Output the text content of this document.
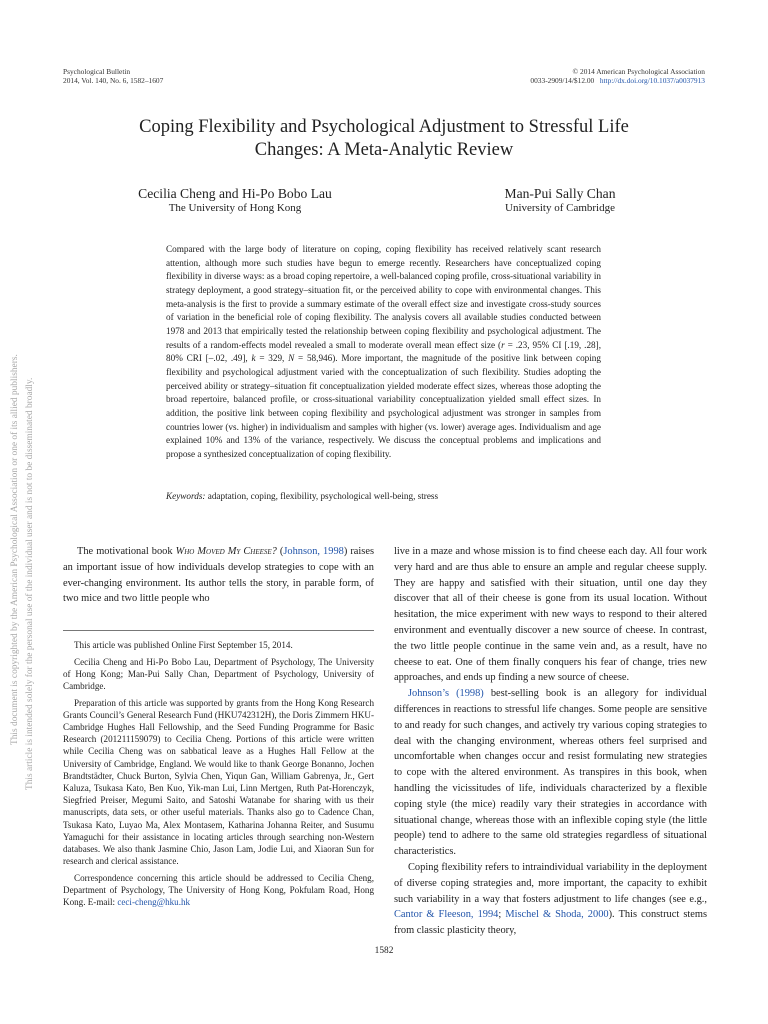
Psychological Bulletin
2014, Vol. 140, No. 6, 1582–1607
© 2014 American Psychological Association
0033-2909/14/$12.00 http://dx.doi.org/10.1037/a0037913
Coping Flexibility and Psychological Adjustment to Stressful Life
Changes: A Meta-Analytic Review
Cecilia Cheng and Hi-Po Bobo Lau
The University of Hong Kong
Man-Pui Sally Chan
University of Cambridge
Compared with the large body of literature on coping, coping flexibility has received relatively scant research attention, although more such studies have begun to emerge recently. Researchers have conceptualized coping flexibility in diverse ways: as a broad coping repertoire, a well-balanced coping profile, cross-situational variability in strategy deployment, a good strategy–situation fit, or the perceived ability to cope with environmental changes. This meta-analysis is the first to provide a summary estimate of the overall effect size and investigate cross-study sources of variation in the beneficial role of coping flexibility. The analysis covers all available studies conducted between 1978 and 2013 that empirically tested the relationship between coping flexibility and psychological adjustment. The results of a random-effects model revealed a small to moderate overall mean effect size (r = .23, 95% CI [.19, .28], 80% CRI [–.02, .49], k = 329, N = 58,946). More important, the magnitude of the positive link between coping flexibility and psychological adjustment varied with the conceptualization of such flexibility. Studies adopting the perceived ability or strategy–situation fit conceptualization yielded moderate effect sizes, whereas those adopting the broad repertoire, balanced profile, or cross-situational variability conceptualization yielded small effect sizes. In addition, the positive link between coping flexibility and psychological adjustment was stronger in samples from countries lower (vs. higher) in individualism and samples with higher (vs. lower) average ages. Individualism and age explained 10% and 13% of the variance, respectively. We discuss the conceptual problems and implications and propose a synthesized conceptualization of coping flexibility.
Keywords: adaptation, coping, flexibility, psychological well-being, stress

The motivational book Who Moved My Cheese? (Johnson, 1998) raises an important issue of how individuals develop strategies to cope with an ever-changing environment. Its author tells the story, in parable form, of two mice and two little people who

This article was published Online First September 15, 2014.

Cecilia Cheng and Hi-Po Bobo Lau, Department of Psychology, The University of Hong Kong; Man-Pui Sally Chan, Department of Psychology, University of Cambridge.

Preparation of this article was supported by grants from the Hong Kong Research Grants Council’s General Research Fund (HKU742312H), the Doris Zimmern HKU-Cambridge Hughes Hall Fellowship, and the Seed Funding Programme for Basic Research (201211159079) to Cecilia Cheng. Portions of this article were written while Cecilia Cheng was on sabbatical leave as a Hughes Hall Fellow at the University of Cambridge, England. We would like to thank George Bonanno, Jochen Brandtstädter, Chuck Burton, Sylvia Chen, Yiqun Gan, William Gabrenya, Jr., Gert Kaluza, Tsukasa Kato, Ben Kuo, Yik-man Lui, Linn Mertgen, Ruth Pat-Horenczyk, Siegfried Preiser, Megumi Saito, and Satoshi Watanabe for sharing with us their manuscripts, data sets, or other useful materials. Thanks also go to Cadence Chan, Tsukasa Kato, Luyao Ma, Alex Montasem, Katharina Johanna Reiter, and Susumu Yamaguchi for their assistance in locating articles through searching non-Western databases. We also thank Jasmine Chio, Jason Lam, Jodie Lui, and Xiaoran Sun for research and clerical assistance.

Correspondence concerning this article should be addressed to Cecilia Cheng, Department of Psychology, The University of Hong Kong, Pokfulam Road, Hong Kong. E-mail: ceci-cheng@hku.hk

live in a maze and whose mission is to find cheese each day. All four work very hard and are thus able to ensure an ample and regular cheese supply. They are happy and satisfied with their situation, until one day they discover that all of their cheese is gone from its usual location. Without hesitation, the mice experiment with new ways to respond to their altered environment and eventually discover a new source of cheese. In contrast, the two little people continue in the same vein and, as a result, have no cheese to eat. One of them finally conquers his fear of change, tries new approaches, and ends up finding a new source of cheese.

Johnson’s (1998) best-selling book is an allegory for individual differences in reactions to stressful life changes. Some people are sensitive to and ready for such changes, and actively try various coping strategies to deal with the changing environment, whereas others feel surprised and uncomfortable when changes occur and resist formulating new strategies to cope with the altered environment. As transpires in this book, when handling the vicissitudes of life, individuals characterized by a flexible coping style (the mice) readily vary their strategies in accordance with situational change, whereas those with an inflexible coping style (the little people) tend to adhere to the same old strategies regardless of situational characteristics.

Coping flexibility refers to intraindividual variability in the deployment of diverse coping strategies and, more important, the capacity to exhibit such variability in a way that fosters adjustment to life changes (see e.g., Cantor & Fleeson, 1994; Mischel & Shoda, 2000). This construct stems from classic plasticity theory,

1582
This document is copyrighted by the American Psychological Association or one of its allied publishers. This article is intended solely for the personal use of the individual user and is not to be disseminated broadly.
